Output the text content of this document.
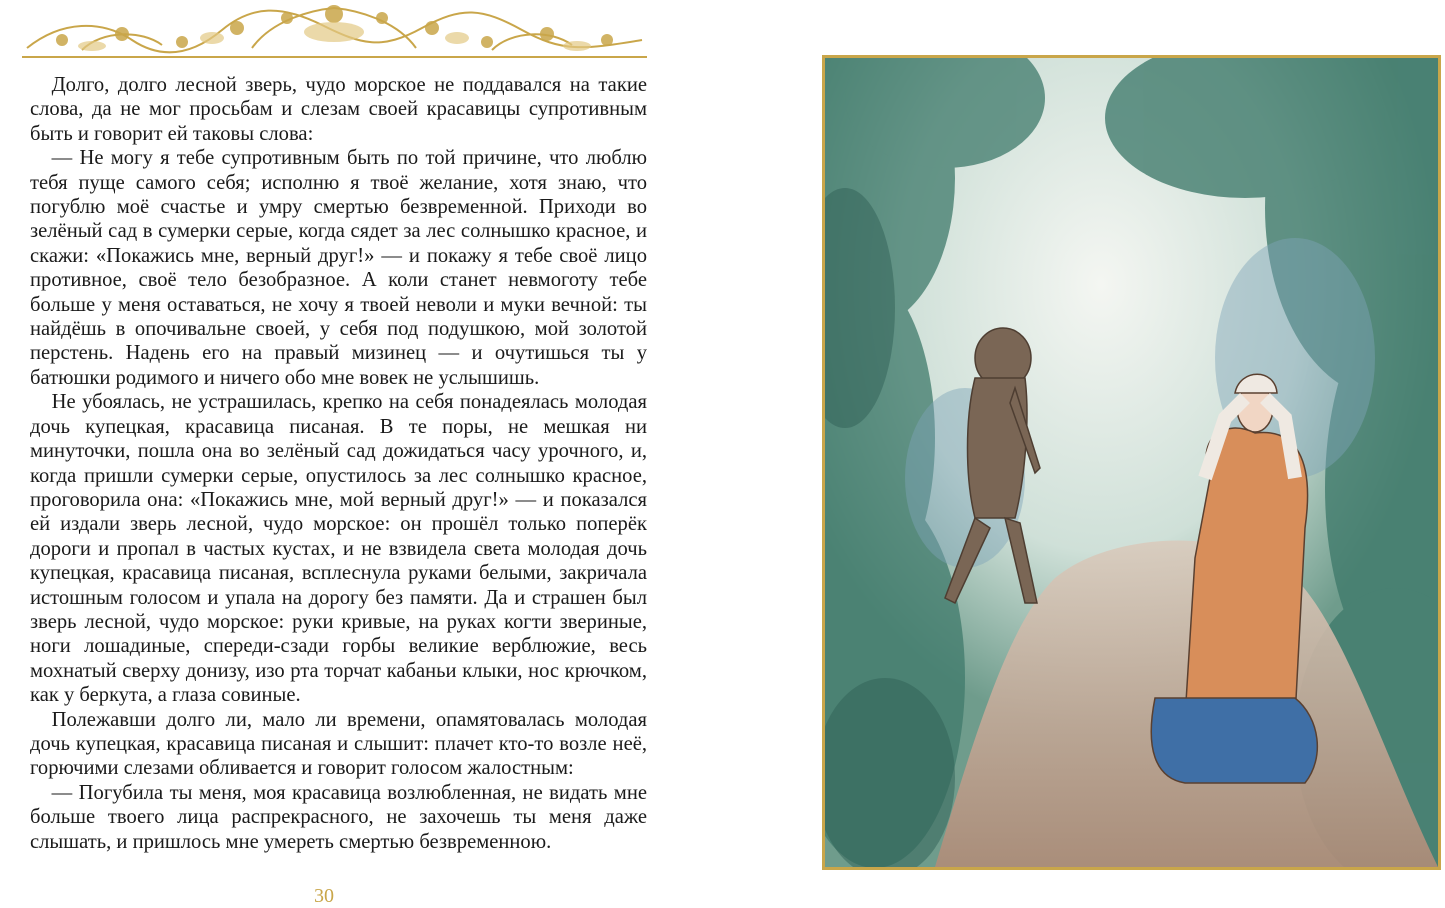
Долго, долго лесной зверь, чудо морское не поддавался на такие слова, да не мог просьбам и слезам своей красавицы супротивным быть и говорит ей таковы слова:

— Не могу я тебе супротивным быть по той причине, что люблю тебя пуще самого себя; исполню я твоё желание, хотя знаю, что погублю моё счастье и умру смертью безвременной. Приходи во зелёный сад в сумерки серые, когда сядет за лес солнышко красное, и скажи: «Покажись мне, верный друг!» — и покажу я тебе своё лицо противное, своё тело безобразное. А коли станет невмоготу тебе больше у меня оставаться, не хочу я твоей неволи и муки вечной: ты найдёшь в опочивальне своей, у себя под подушкою, мой золотой перстень. Надень его на правый мизинец — и очутишься ты у батюшки родимого и ничего обо мне вовек не услышишь.

Не убоялась, не устрашилась, крепко на себя понадеялась молодая дочь купецкая, красавица писаная. В те поры, не мешкая ни минуточки, пошла она во зелёный сад дожидаться часу урочного, и, когда пришли сумерки серые, опустилось за лес солнышко красное, проговорила она: «Покажись мне, мой верный друг!» — и показался ей издали зверь лесной, чудо морское: он прошёл только поперёк дороги и пропал в частых кустах, и не взвидела света молодая дочь купецкая, красавица писаная, всплеснула руками белыми, закричала истошным голосом и упала на дорогу без памяти. Да и страшен был зверь лесной, чудо морское: руки кривые, на руках когти звериные, ноги лошадиные, спереди-сзади горбы великие верблюжие, весь мохнатый сверху донизу, изо рта торчат кабаньи клыки, нос крючком, как у беркута, а глаза совиные.

Полежавши долго ли, мало ли времени, опамятовалась молодая дочь купецкая, красавица писаная и слышит: плачет кто-то возле неё, горючими слезами обливается и говорит голосом жалостным:

— Погубила ты меня, моя красавица возлюбленная, не видать мне больше твоего лица распрекрасного, не захочешь ты меня даже слышать, и пришлось мне умереть смертью безвременною.

30
